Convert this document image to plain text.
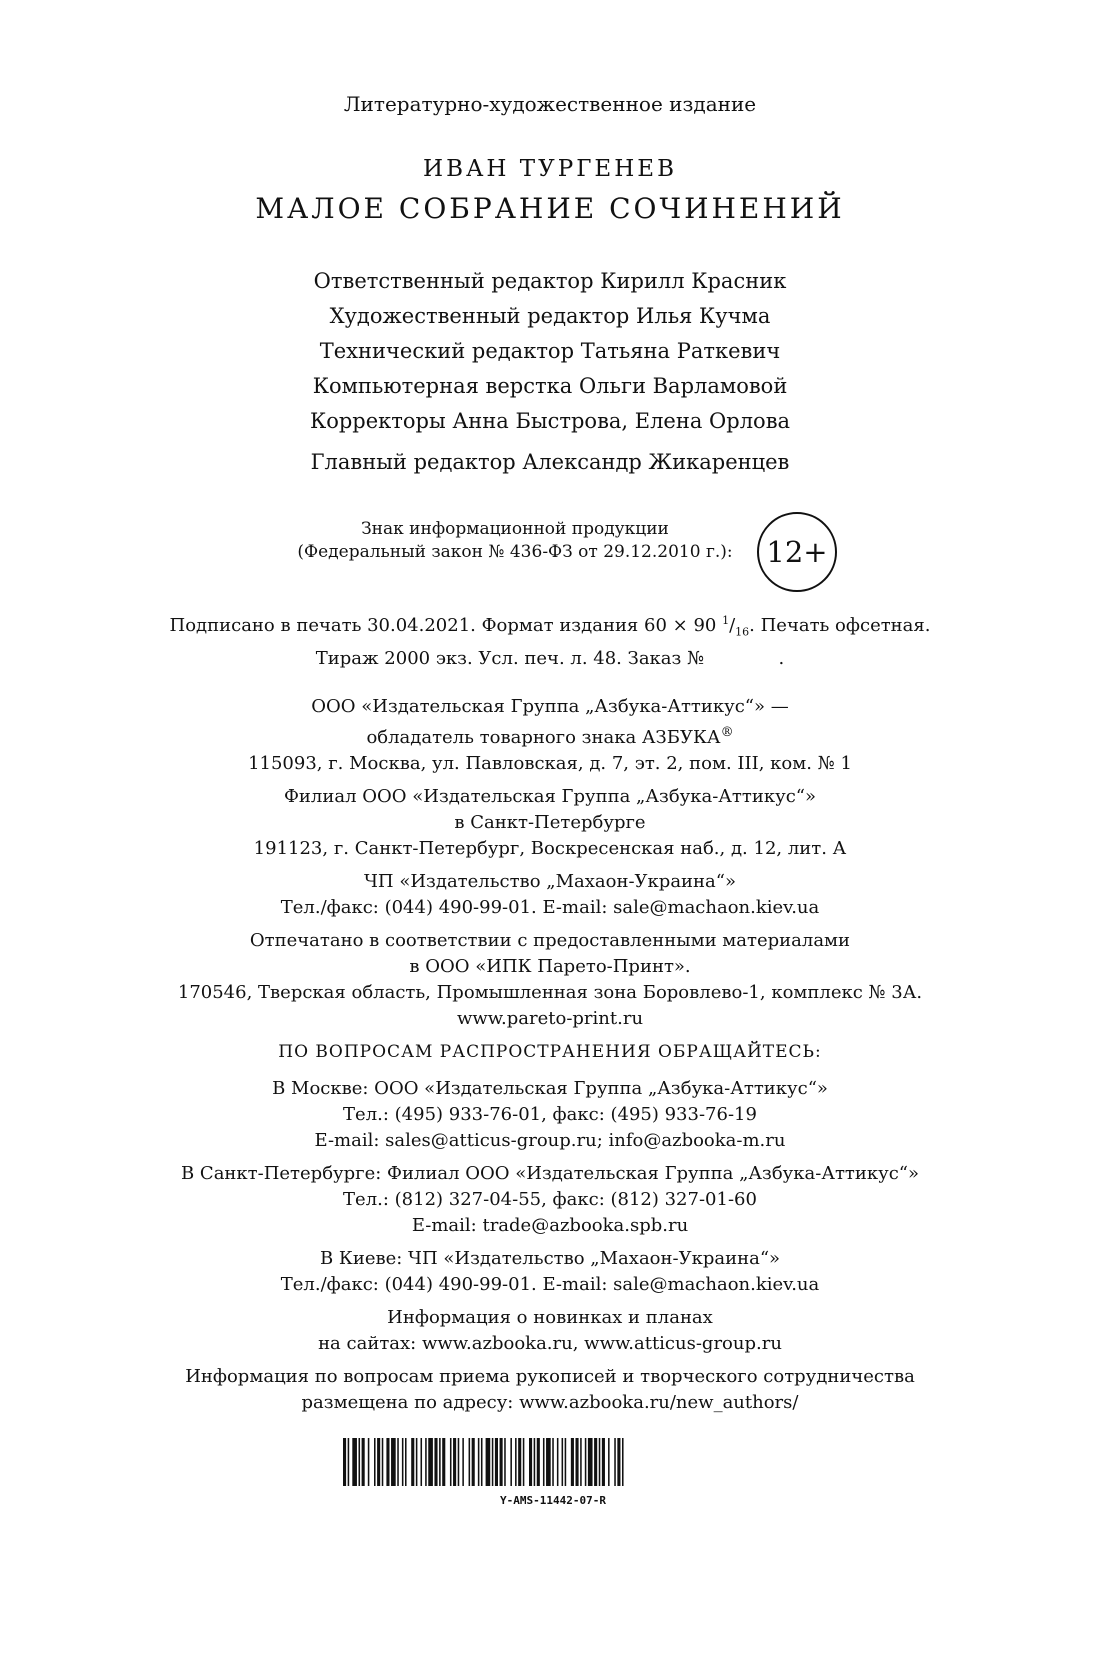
Литературно-художественное издание
ИВАН ТУРГЕНЕВ
МАЛОЕ СОБРАНИЕ СОЧИНЕНИЙ
Ответственный редактор Кирилл Красник
Художественный редактор Илья Кучма
Технический редактор Татьяна Раткевич
Компьютерная верстка Ольги Варламовой
Корректоры Анна Быстрова, Елена Орлова
Главный редактор Александр Жикаренцев
Знак информационной продукции
(Федеральный закон № 436-ФЗ от 29.12.2010 г.):	12+
Подписано в печать 30.04.2021. Формат издания 60 × 90 $^1/_{16}$. Печать офсетная.
Тираж 2000 экз. Усл. печ. л. 48. Заказ №             .
ООО «Издательская Группа „Азбука-Аттикус“» —
обладатель товарного знака АЗБУКА®
115093, г. Москва, ул. Павловская, д. 7, эт. 2, пом. III, ком. № 1
Филиал ООО «Издательская Группа „Азбука-Аттикус“»
в Санкт-Петербурге
191123, г. Санкт-Петербург, Воскресенская наб., д. 12, лит. А
ЧП «Издательство „Махаон-Украина“»
Тел./факс: (044) 490-99-01. E-mail: sale@machaon.kiev.ua
Отпечатано в соответствии с предоставленными материалами
в ООО «ИПК Парето-Принт».
170546, Тверская область, Промышленная зона Боровлево-1, комплекс № 3А.
www.pareto-print.ru
ПО ВОПРОСАМ РАСПРОСТРАНЕНИЯ ОБРАЩАЙТЕСЬ:
В Москве: ООО «Издательская Группа „Азбука-Аттикус“»
Тел.: (495) 933-76-01, факс: (495) 933-76-19
E-mail: sales@atticus-group.ru; info@azbooka-m.ru
В Санкт-Петербурге: Филиал ООО «Издательская Группа „Азбука-Аттикус“»
Тел.: (812) 327-04-55, факс: (812) 327-01-60
E-mail: trade@azbooka.spb.ru
В Киеве: ЧП «Издательство „Махаон-Украина“»
Тел./факс: (044) 490-99-01. E-mail: sale@machaon.kiev.ua
Информация о новинках и планах
на сайтах: www.azbooka.ru, www.atticus-group.ru
Информация по вопросам приема рукописей и творческого сотрудничества
размещена по адресу: www.azbooka.ru/new_authors/
Y-AMS-11442-07-R
